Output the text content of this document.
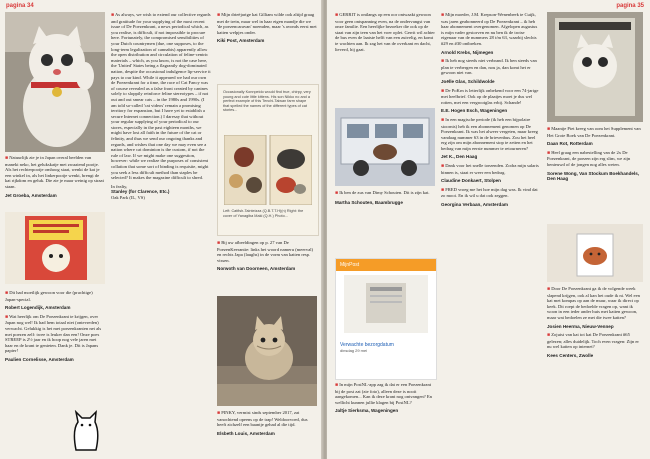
pagina 34

■ Natuurlijk zie je in Japan overal beelden van maneki neko, het gelukskatje met zwaaiend pootje. Als het rechterpootje omhoog staat, wenkt de kat je een winkel in, als het linkerpootje wenkt, brengt de kat rijkdom en geluk. Die zie je maar weinig op straat staan.

Jet Groeba, Amsterdam

■ Dit had moeilijk gewoon voor die (prachtige) Japan-special.

Robert Logendijk, Amsterdam

■ Wat heerlijk om De Poezenkrant te krijgen, over Japan nog wel! Ik had hem totaal niet (ontevreden) verwacht. Gelukkig is het met poezenkranten net als met poezen zelf: twee is leuker dan een! Onze poes STREEP is 2½ jaar en ik hoop nog vele jaren met haar en de krant te genieten. Dank je. Dit is Japans papier!

Paulien Cornelisse, Amsterdam

■ As always, we wish to extend our collective regards and gratitude for your supplying of the most recent issue of De Poezenkrant, a news periodical which, as you realise, is difficult, if not impossible to procure here. Fortunately, the compromised sensibilities of your Dutch countrymen (due, one supposes, to the long-term legalization of cannabis) apparently allow the open distribution and circulation of feline-centric materials – which, as you know, is not the case here, the 'United' States being a flagrantly dog-dominated nation, despite the occasional indulgence lip-service it pays to our kind. While it appeared we had our own de Poezenkrant for a time, the race of Cat Fancy was of course revealed as a false front created by canines solely to sloppily reinforce feline stereotypes – if not out and out smear cats – in the 1980s and 1990s. (I am told so-called 'cat videos' remain a promising territory for expansion, but I have yet to establish a secure Internet connection.) I daresay that without your regular supplying of your periodical to our stores, especially in the past eighteen months, we might have lost all faith in the future of the cat or felinity, and thus we send our ongoing thanks and regards, and wishes that one day we may even see a nation where cat dominion is the custom, if not the rule of law. If we might make one suggestion, however: while we realize the purposes of consistent collation that some sort of binding is requisite, might you seek a less difficult method than staples be selected? It makes the magazine difficult to shred.

In fealty,
Stanley (for Clarence, Etc.)
Oak Park (IL, VS)

■ Mijn drieëjarige kat Gilliam wilde ook altijd graag met de trein, maar wel in haar eigen mandje die we 'de poezencaravan' noemden, maar 's avonds eerst met katten welpjes onder.

Kiki Post, Amsterdam
Occasionally Konnpeido would find true, chirpy, very young and cute little kittens. His son Nikko no and a perfect example of this Tenchi-Taiwan farm shape that spelled the names of the different types of cat stories...
Left: Catfish-Tainteizza (Q.B.T.T.H)(n) Right: the cover of Yanagiba Maki (Q.H.) Photo...

■ Bij uw afbeeldingen op p. 27 van De PoezenKeerantie: links het woord nameru (meerval) en rechts Japa (laughs) in de vorm van katten resp. vissen.

Norwoth van Doorneen, Amsterdam

■ PINKY, vermist sinds september 2017, zat vanochtend opeens op de trap! Weldoorvoed, dus heeft zichzelf een baantje gehad al die tijd.

Elsbeth Louis, Amsterdam
pagina 35

■ GERRIT is ontlangs op een oor ontwaakt gewoon voor geen ontspanning even, na de ondervangst van onze familie. Een heerlijke bezoeker die ook op de staat van zijn teen van het voer oplet. Gerrit wil achter de bus even de laatste helft van een zuivelig, en komt te wachten aan. Ik zag het van de overkant en dacht, lieverd, hij gaat.

■ Ik ben de zus van Dimy Schouten. Dit is zijn kat.

Martha Schouten, Baambrugge
MijnPost
Verwachte bezorgdatum
dinsdag 29 mei

■ In mijn PostNL-app zag ik dat er een Poezenkrant bij de post zat (zie foto), alleen deze is nooit aangekomen... Kan ik deze krant nog ontvangen? En wellicht kunnen jullie klagen bij PostNL?

Jaltje Sierksma, Wageningen

■ Mijn moeder, J.M. Krepson-Wenenbeek te Cuijk, was jaren geabonneerd op De Poezenkrant – ik heb haar abonnement overgenomen. Afgelopen augustus is mijn vader gestorven en nu ben ik de trotse eigenaar van de nummers 28 t/m 63, waarbij slechts #29 en #30 ontbreken.

Arnold Krebs, Nijmegen

■ Ik heb nog steeds niet verbrand. Ik ben steeds van plan te verbergen en dan, nou ja, dan komt het er gewoon niet van.

Joëlle Glas, Schildwolde

■ De PoKrn is letterlijk onbekend voor een 74-jarige met heelbrief. Ook op de plaatjes moet je dus wel rotten, met een vergrootglas erbij. Schande!

E.E. Hogen Esch, Wageningen

■ In een magische periode (ik heb een bijpolaire stoornis) heb ik een abonnement genomen op De Poezenkrant. Ik was het alweer vergeten, maar kreeg vandaag nummer 63 in de brievenbus. Zou het heel erg zijn om mijn abonnement stop te zetten en het bedrag van mijn eerste nummer te retourneren?

Jet K., Den Haag

■ Dank voor het snelle toezenden. Zodra mijn salaris binnen is, staat er weer een bedrag.

Claudine Donkaert, Stolpen

■ FRED vroeg me het hoe mijn dag was. Ik vind dat zo mooi. En ik wil u dat ook zeggen.

Georgina Verbaan, Amsterdam

■ Maantje Piet kreeg van oom het Supplement van Het Grote Boek van De Poezenkrant.

Daan Rot, Rotterdam

■ Heel graag een nabestelling van de 2x De Poezenkrant, de poezen zijn erg slim, we zijn benieuwd of de jongen nog alles weten.

Sorene Wong, Van Stockum Boekhandels, Den Haag

■ Door De Poezenkrant ga ik de volgende week slapend krijgen, ook al kan het oude ik ni. Wel een kat met kompas op aan de muur, waar ik direct op keek. Dit roept de bedoelde vragen op, want ik woon in een ieder ander huis met katten gewoon, maar wat bedoelen ze met die twee katten?

Josien Heerma, Nieuw-Vennep

■ Zojuist van kat tot kat De Poezenkrant #65 gelezen; alles duidelijk. Toch even vragen: Zijn er nu wel katten op internet?

Kees Centers, Zwolle
